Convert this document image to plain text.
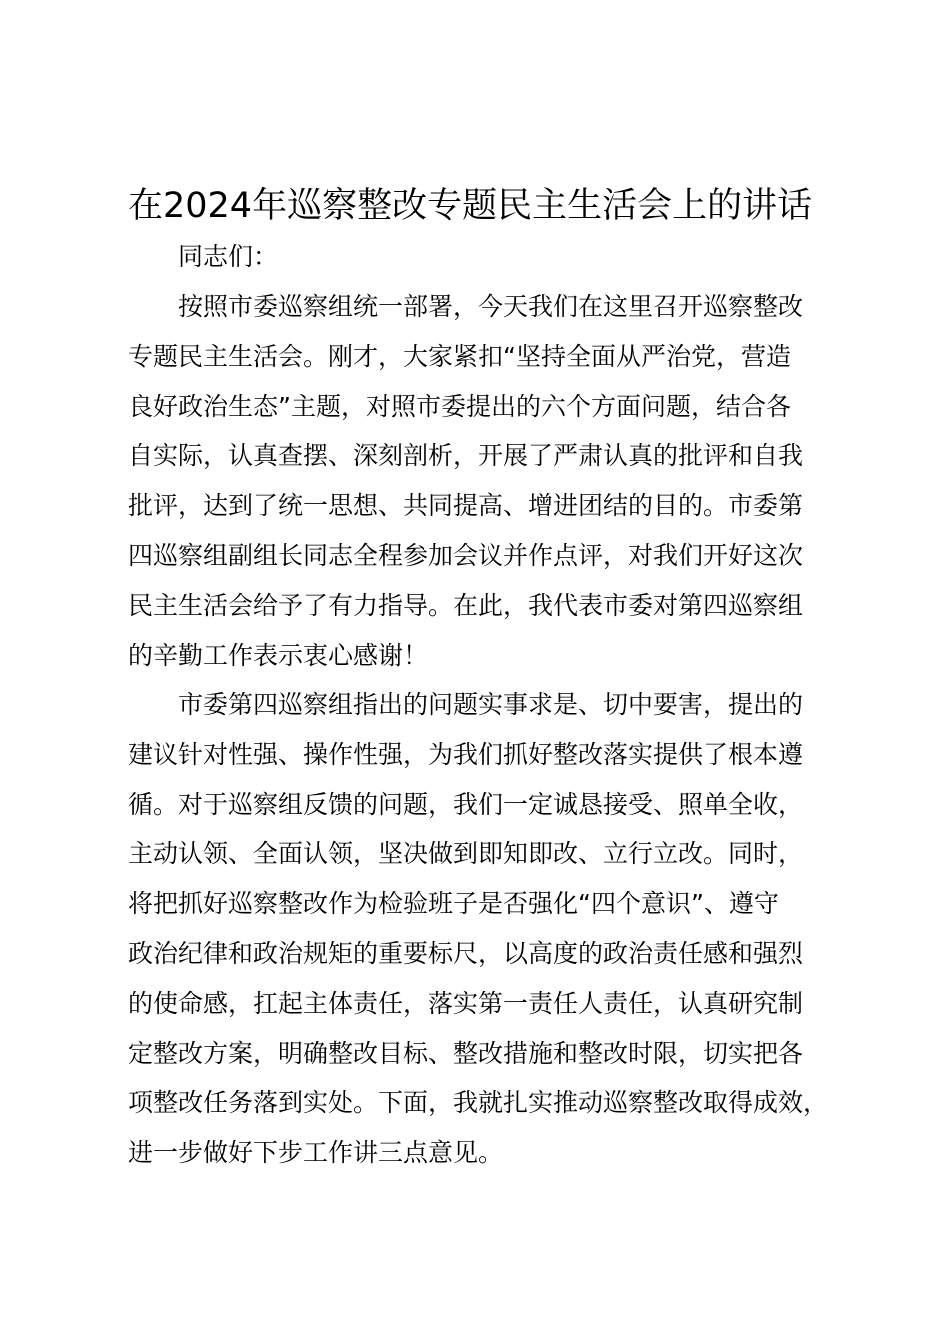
在2024年巡察整改专题民主生活会上的讲话
同志们：
按照市委巡察组统一部署，今天我们在这里召开巡察整改
专题民主生活会。刚才，大家紧扣“坚持全面从严治党，营造
良好政治生态”主题，对照市委提出的六个方面问题，结合各
自实际，认真查摆、深刻剖析，开展了严肃认真的批评和自我
批评，达到了统一思想、共同提高、增进团结的目的。市委第
四巡察组副组长同志全程参加会议并作点评，对我们开好这次
民主生活会给予了有力指导。在此，我代表市委对第四巡察组
的辛勤工作表示衷心感谢！
市委第四巡察组指出的问题实事求是、切中要害，提出的
建议针对性强、操作性强，为我们抓好整改落实提供了根本遵
循。对于巡察组反馈的问题，我们一定诚恳接受、照单全收，
主动认领、全面认领，坚决做到即知即改、立行立改。同时，
将把抓好巡察整改作为检验班子是否强化“四个意识”、遵守
政治纪律和政治规矩的重要标尺，以高度的政治责任感和强烈
的使命感，扛起主体责任，落实第一责任人责任，认真研究制
定整改方案，明确整改目标、整改措施和整改时限，切实把各
项整改任务落到实处。下面，我就扎实推动巡察整改取得成效，
进一步做好下步工作讲三点意见。
